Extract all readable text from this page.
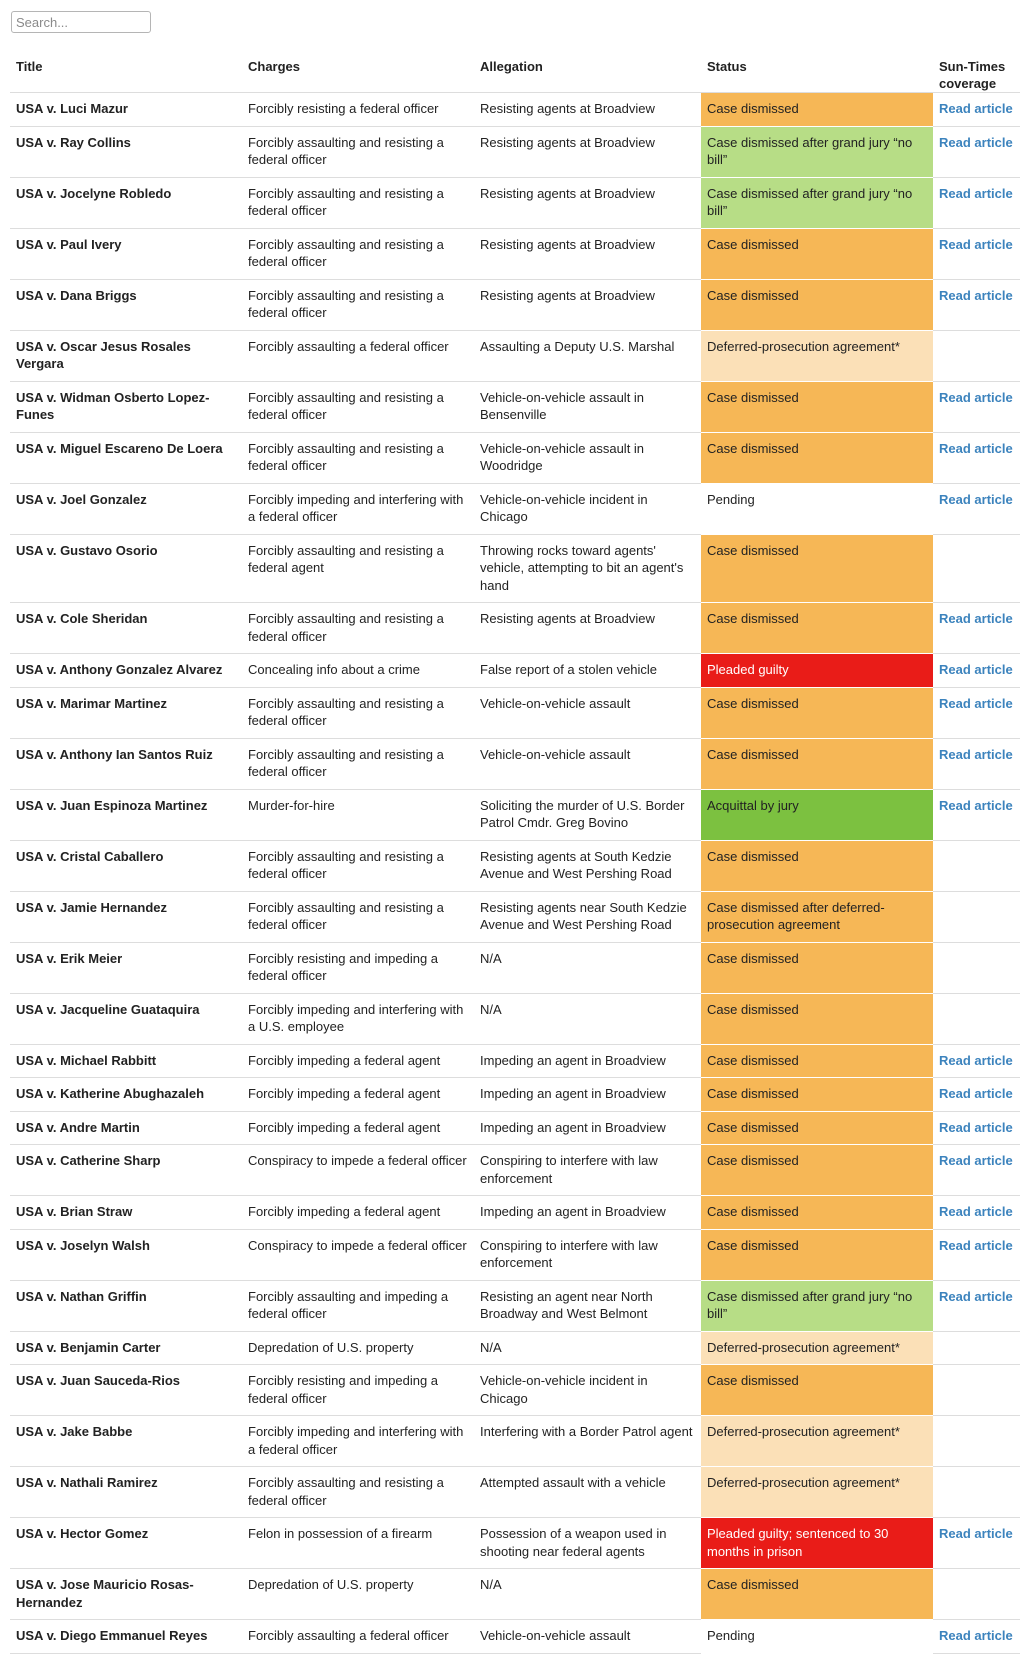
Search...
Title	Charges	Allegation	Status	Sun-Times coverage
USA v. Luci Mazur	Forcibly resisting a federal officer	Resisting agents at Broadview	Case dismissed	Read article
USA v. Ray Collins	Forcibly assaulting and resisting a federal officer	Resisting agents at Broadview	Case dismissed after grand jury “no bill”	Read article
USA v. Jocelyne Robledo	Forcibly assaulting and resisting a federal officer	Resisting agents at Broadview	Case dismissed after grand jury “no bill”	Read article
USA v. Paul Ivery	Forcibly assaulting and resisting a federal officer	Resisting agents at Broadview	Case dismissed	Read article
USA v. Dana Briggs	Forcibly assaulting and resisting a federal officer	Resisting agents at Broadview	Case dismissed	Read article
USA v. Oscar Jesus Rosales Vergara	Forcibly assaulting a federal officer	Assaulting a Deputy U.S. Marshal	Deferred-prosecution agreement*	
USA v. Widman Osberto Lopez-Funes	Forcibly assaulting and resisting a federal officer	Vehicle-on-vehicle assault in Bensenville	Case dismissed	Read article
USA v. Miguel Escareno De Loera	Forcibly assaulting and resisting a federal officer	Vehicle-on-vehicle assault in Woodridge	Case dismissed	Read article
USA v. Joel Gonzalez	Forcibly impeding and interfering with a federal officer	Vehicle-on-vehicle incident in Chicago	Pending	Read article
USA v. Gustavo Osorio	Forcibly assaulting and resisting a federal agent	Throwing rocks toward agents' vehicle, attempting to bit an agent's hand	Case dismissed	
USA v. Cole Sheridan	Forcibly assaulting and resisting a federal officer	Resisting agents at Broadview	Case dismissed	Read article
USA v. Anthony Gonzalez Alvarez	Concealing info about a crime	False report of a stolen vehicle	Pleaded guilty	Read article
USA v. Marimar Martinez	Forcibly assaulting and resisting a federal officer	Vehicle-on-vehicle assault	Case dismissed	Read article
USA v. Anthony Ian Santos Ruiz	Forcibly assaulting and resisting a federal officer	Vehicle-on-vehicle assault	Case dismissed	Read article
USA v. Juan Espinoza Martinez	Murder-for-hire	Soliciting the murder of U.S. Border Patrol Cmdr. Greg Bovino	Acquittal by jury	Read article
USA v. Cristal Caballero	Forcibly assaulting and resisting a federal officer	Resisting agents at South Kedzie Avenue and West Pershing Road	Case dismissed	
USA v. Jamie Hernandez	Forcibly assaulting and resisting a federal officer	Resisting agents near South Kedzie Avenue and West Pershing Road	Case dismissed after deferred-prosecution agreement	
USA v. Erik Meier	Forcibly resisting and impeding a federal officer	N/A	Case dismissed	
USA v. Jacqueline Guataquira	Forcibly impeding and interfering with a U.S. employee	N/A	Case dismissed	
USA v. Michael Rabbitt	Forcibly impeding a federal agent	Impeding an agent in Broadview	Case dismissed	Read article
USA v. Katherine Abughazaleh	Forcibly impeding a federal agent	Impeding an agent in Broadview	Case dismissed	Read article
USA v. Andre Martin	Forcibly impeding a federal agent	Impeding an agent in Broadview	Case dismissed	Read article
USA v. Catherine Sharp	Conspiracy to impede a federal officer	Conspiring to interfere with law enforcement	Case dismissed	Read article
USA v. Brian Straw	Forcibly impeding a federal agent	Impeding an agent in Broadview	Case dismissed	Read article
USA v. Joselyn Walsh	Conspiracy to impede a federal officer	Conspiring to interfere with law enforcement	Case dismissed	Read article
USA v. Nathan Griffin	Forcibly assaulting and impeding a federal officer	Resisting an agent near North Broadway and West Belmont	Case dismissed after grand jury “no bill”	Read article
USA v. Benjamin Carter	Depredation of U.S. property	N/A	Deferred-prosecution agreement*	
USA v. Juan Sauceda-Rios	Forcibly resisting and impeding a federal officer	Vehicle-on-vehicle incident in Chicago	Case dismissed	
USA v. Jake Babbe	Forcibly impeding and interfering with a federal officer	Interfering with a Border Patrol agent	Deferred-prosecution agreement*	
USA v. Nathali Ramirez	Forcibly assaulting and resisting a federal officer	Attempted assault with a vehicle	Deferred-prosecution agreement*	
USA v. Hector Gomez	Felon in possession of a firearm	Possession of a weapon used in shooting near federal agents	Pleaded guilty; sentenced to 30 months in prison	Read article
USA v. Jose Mauricio Rosas-Hernandez	Depredation of U.S. property	N/A	Case dismissed	
USA v. Diego Emmanuel Reyes	Forcibly assaulting a federal officer	Vehicle-on-vehicle assault	Pending	Read article
